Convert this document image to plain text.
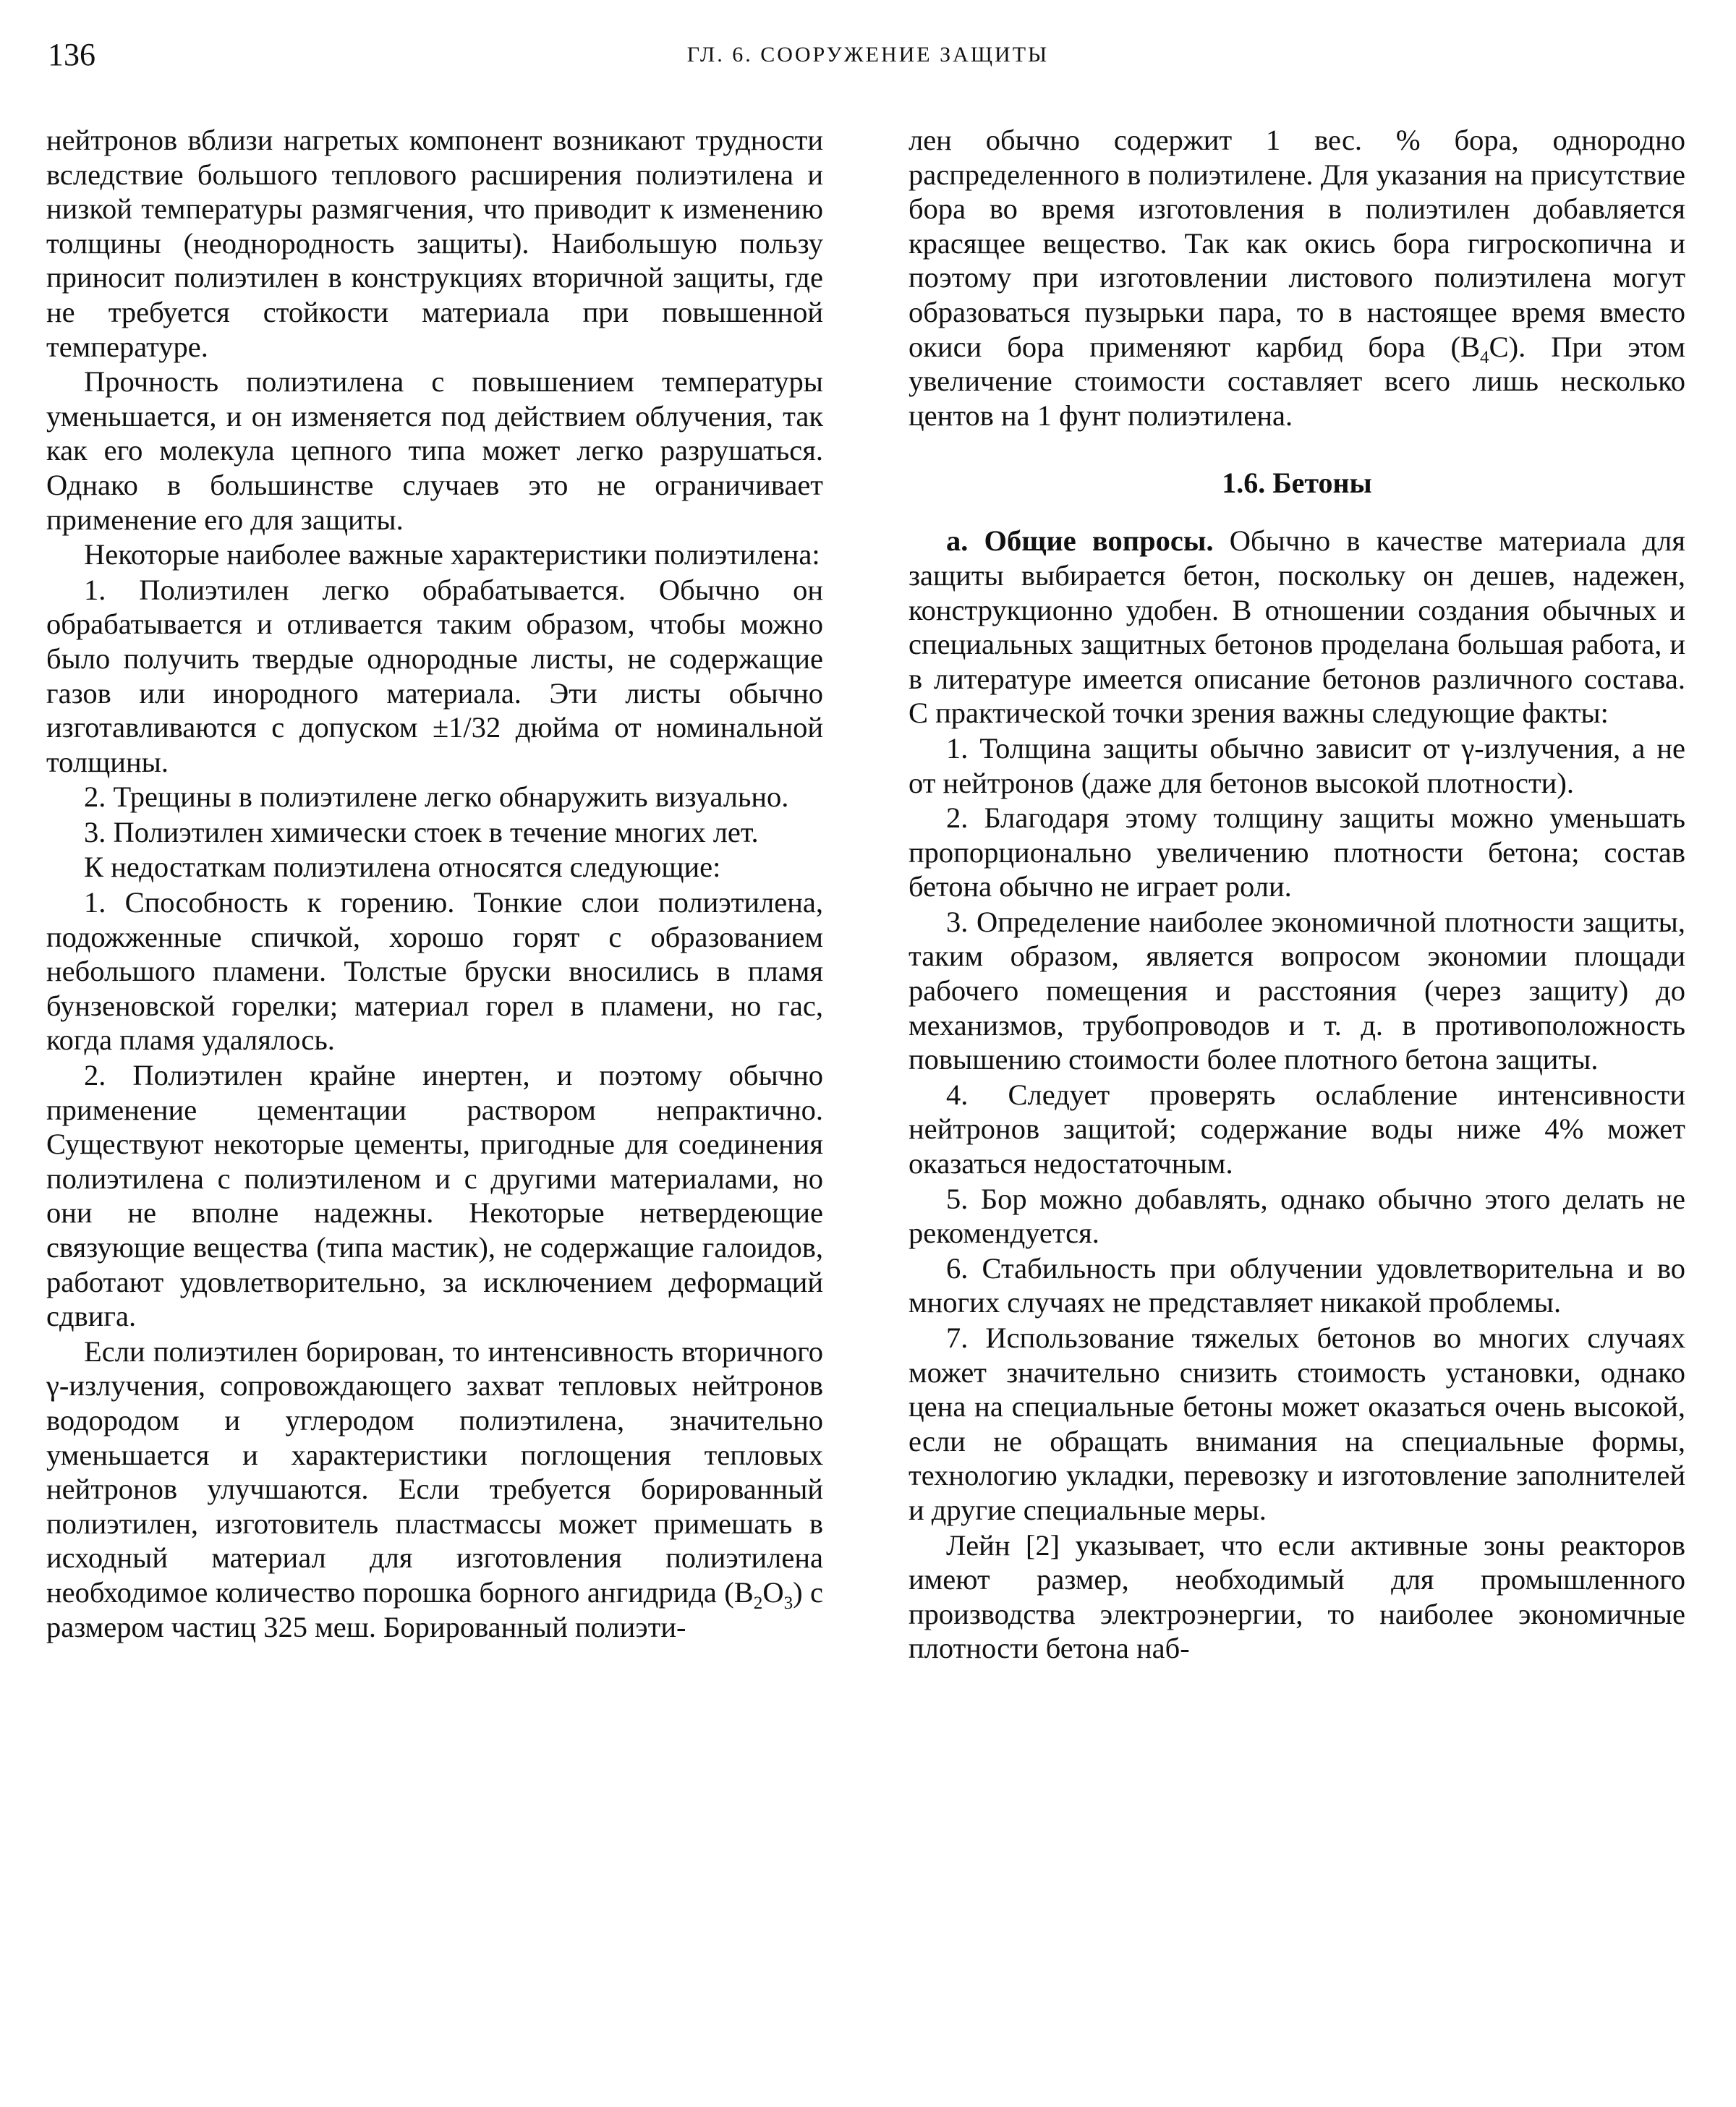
136	ГЛ. 6. СООРУЖЕНИЕ ЗАЩИТЫ

нейтронов вблизи нагретых компонент возникают трудности вследствие большого теплового расширения полиэтилена и низкой температуры размягчения, что приводит к изменению толщины (неоднородность защиты). Наибольшую пользу приносит полиэтилен в конструкциях вторичной защиты, где не требуется стойкости материала при повышенной температуре.

Прочность полиэтилена с повышением температуры уменьшается, и он изменяется под действием облучения, так как его молекула цепного типа может легко разрушаться. Однако в большинстве случаев это не ограничивает применение его для защиты.

Некоторые наиболее важные характеристики полиэтилена:

1. Полиэтилен легко обрабатывается. Обычно он обрабатывается и отливается таким образом, чтобы можно было получить твердые однородные листы, не содержащие газов или инородного материала. Эти листы обычно изготавливаются с допуском ±1/32 дюйма от номинальной толщины.

2. Трещины в полиэтилене легко обнаружить визуально.

3. Полиэтилен химически стоек в течение многих лет.

К недостаткам полиэтилена относятся следующие:

1. Способность к горению. Тонкие слои полиэтилена, подожженные спичкой, хорошо горят с образованием небольшого пламени. Толстые бруски вносились в пламя бунзеновской горелки; материал горел в пламени, но гас, когда пламя удалялось.

2. Полиэтилен крайне инертен, и поэтому обычно применение цементации раствором непрактично. Существуют некоторые цементы, пригодные для соединения полиэтилена с полиэтиленом и с другими материалами, но они не вполне надежны. Некоторые нетвердеющие связующие вещества (типа мастик), не содержащие галоидов, работают удовлетворительно, за исключением деформаций сдвига.

Если полиэтилен борирован, то интенсивность вторичного γ-излучения, сопровождающего захват тепловых нейтронов водородом и углеродом полиэтилена, значительно уменьшается и характеристики поглощения тепловых нейтронов улучшаются. Если требуется борированный полиэтилен, изготовитель пластмассы может примешать в исходный материал для изготовления полиэтилена необходимое количество порошка борного ангидрида $(B_2O_3)$ с размером частиц 325 меш. Борированный полиэти-

лен обычно содержит 1 вес. % бора, однородно распределенного в полиэтилене. Для указания на присутствие бора во время изготовления в полиэтилен добавляется красящее вещество. Так как окись бора гигроскопична и поэтому при изготовлении листового полиэтилена могут образоваться пузырьки пара, то в настоящее время вместо окиси бора применяют карбид бора $(B_4C)$. При этом увеличение стоимости составляет всего лишь несколько центов на 1 фунт полиэтилена.

1.6. Бетоны

а. Общие вопросы. Обычно в качестве материала для защиты выбирается бетон, поскольку он дешев, надежен, конструкционно удобен. В отношении создания обычных и специальных защитных бетонов проделана большая работа, и в литературе имеется описание бетонов различного состава. С практической точки зрения важны следующие факты:

1. Толщина защиты обычно зависит от γ-излучения, а не от нейтронов (даже для бетонов высокой плотности).

2. Благодаря этому толщину защиты можно уменьшать пропорционально увеличению плотности бетона; состав бетона обычно не играет роли.

3. Определение наиболее экономичной плотности защиты, таким образом, является вопросом экономии площади рабочего помещения и расстояния (через защиту) до механизмов, трубопроводов и т. д. в противоположность повышению стоимости более плотного бетона защиты.

4. Следует проверять ослабление интенсивности нейтронов защитой; содержание воды ниже 4% может оказаться недостаточным.

5. Бор можно добавлять, однако обычно этого делать не рекомендуется.

6. Стабильность при облучении удовлетворительна и во многих случаях не представляет никакой проблемы.

7. Использование тяжелых бетонов во многих случаях может значительно снизить стоимость установки, однако цена на специальные бетоны может оказаться очень высокой, если не обращать внимания на специальные формы, технологию укладки, перевозку и изготовление заполнителей и другие специальные меры.

Лейн [2] указывает, что если активные зоны реакторов имеют размер, необходимый для промышленного производства электроэнергии, то наиболее экономичные плотности бетона наб-
